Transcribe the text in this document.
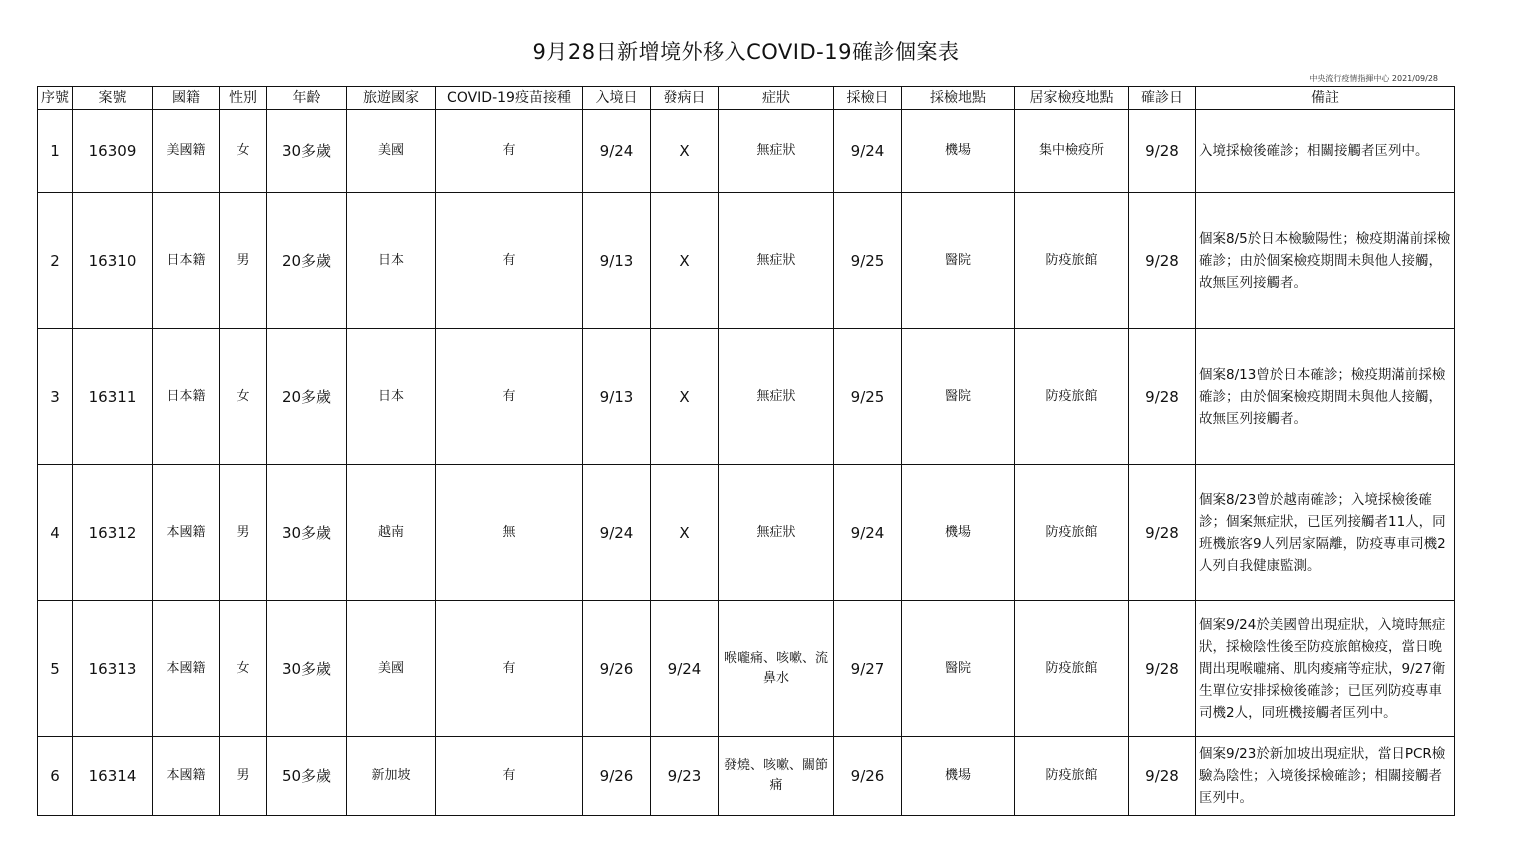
9月28日新增境外移入COVID-19確診個案表
中央流行疫情指揮中心 2021/09/28
序號	案號	國籍	性別	年齡	旅遊國家	COVID-19疫苗接種	入境日	發病日	症狀	採檢日	採檢地點	居家檢疫地點	確診日	備註
1	16309	美國籍	女	30多歲	美國	有	9/24	X	無症狀	9/24	機場	集中檢疫所	9/28	入境採檢後確診；相關接觸者匡列中。
2	16310	日本籍	男	20多歲	日本	有	9/13	X	無症狀	9/25	醫院	防疫旅館	9/28	個案8/5於日本檢驗陽性；檢疫期滿前採檢確診；由於個案檢疫期間未與他人接觸，故無匡列接觸者。
3	16311	日本籍	女	20多歲	日本	有	9/13	X	無症狀	9/25	醫院	防疫旅館	9/28	個案8/13曾於日本確診；檢疫期滿前採檢確診；由於個案檢疫期間未與他人接觸，故無匡列接觸者。
4	16312	本國籍	男	30多歲	越南	無	9/24	X	無症狀	9/24	機場	防疫旅館	9/28	個案8/23曾於越南確診；入境採檢後確診；個案無症狀，已匡列接觸者11人，同班機旅客9人列居家隔離，防疫專車司機2人列自我健康監測。
5	16313	本國籍	女	30多歲	美國	有	9/26	9/24	喉嚨痛、咳嗽、流鼻水	9/27	醫院	防疫旅館	9/28	個案9/24於美國曾出現症狀，入境時無症狀，採檢陰性後至防疫旅館檢疫，當日晚間出現喉嚨痛、肌肉痠痛等症狀，9/27衛生單位安排採檢後確診；已匡列防疫專車司機2人，同班機接觸者匡列中。
6	16314	本國籍	男	50多歲	新加坡	有	9/26	9/23	發燒、咳嗽、關節痛	9/26	機場	防疫旅館	9/28	個案9/23於新加坡出現症狀，當日PCR檢驗為陰性；入境後採檢確診；相關接觸者匡列中。
